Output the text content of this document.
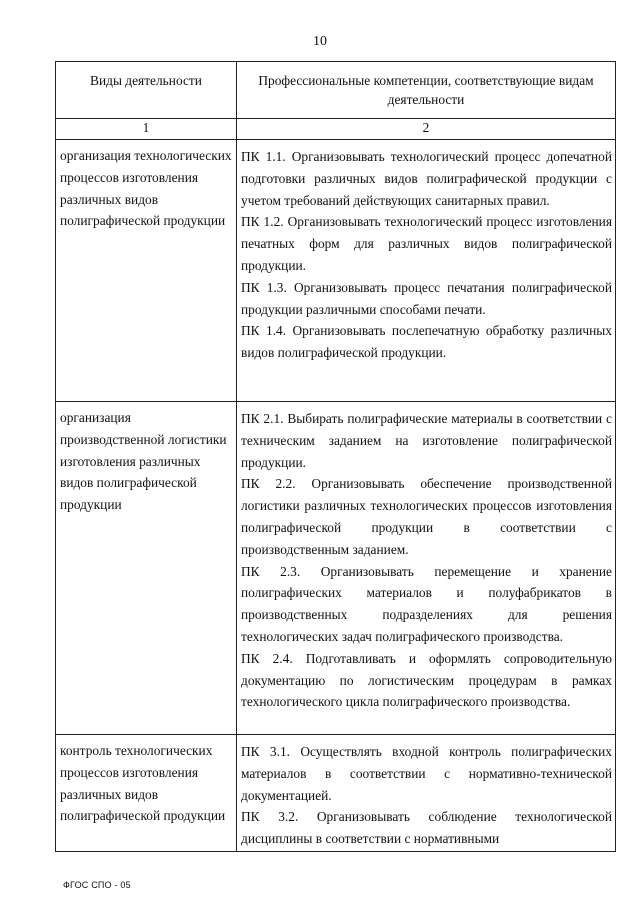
10
Виды деятельности	Профессиональные компетенции, соответствующие видам деятельности
1	2
организация технологических процессов изготовления различных видов полиграфической продукции	ПК 1.1. Организовывать технологический процесс допечатной подготовки различных видов полиграфической продукции с учетом требований действующих санитарных правил.

ПК 1.2. Организовывать технологический процесс изготовления печатных форм для различных видов полиграфической продукции.

ПК 1.3. Организовывать процесс печатания полиграфической продукции различными способами печати.

ПК 1.4. Организовывать послепечатную обработку различных видов полиграфической продукции.

организация производственной логистики изготовления различных видов полиграфической продукции	ПК 2.1. Выбирать полиграфические материалы в соответствии с техническим заданием на изготовление полиграфической продукции.

ПК 2.2. Организовывать обеспечение производственной логистики различных технологических процессов изготовления полиграфической продукции в соответствии с производственным заданием.

ПК 2.3. Организовывать перемещение и хранение полиграфических материалов и полуфабрикатов в производственных подразделениях для решения технологических задач полиграфического производства.

ПК 2.4. Подготавливать и оформлять сопроводительную документацию по логистическим процедурам в рамках технологического цикла полиграфического производства.

контроль технологических процессов изготовления различных видов полиграфической продукции	ПК 3.1. Осуществлять входной контроль полиграфических материалов в соответствии с нормативно-технической документацией.

ПК 3.2. Организовывать соблюдение технологической дисциплины в соответствии с нормативными

ФГОС СПО - 05
